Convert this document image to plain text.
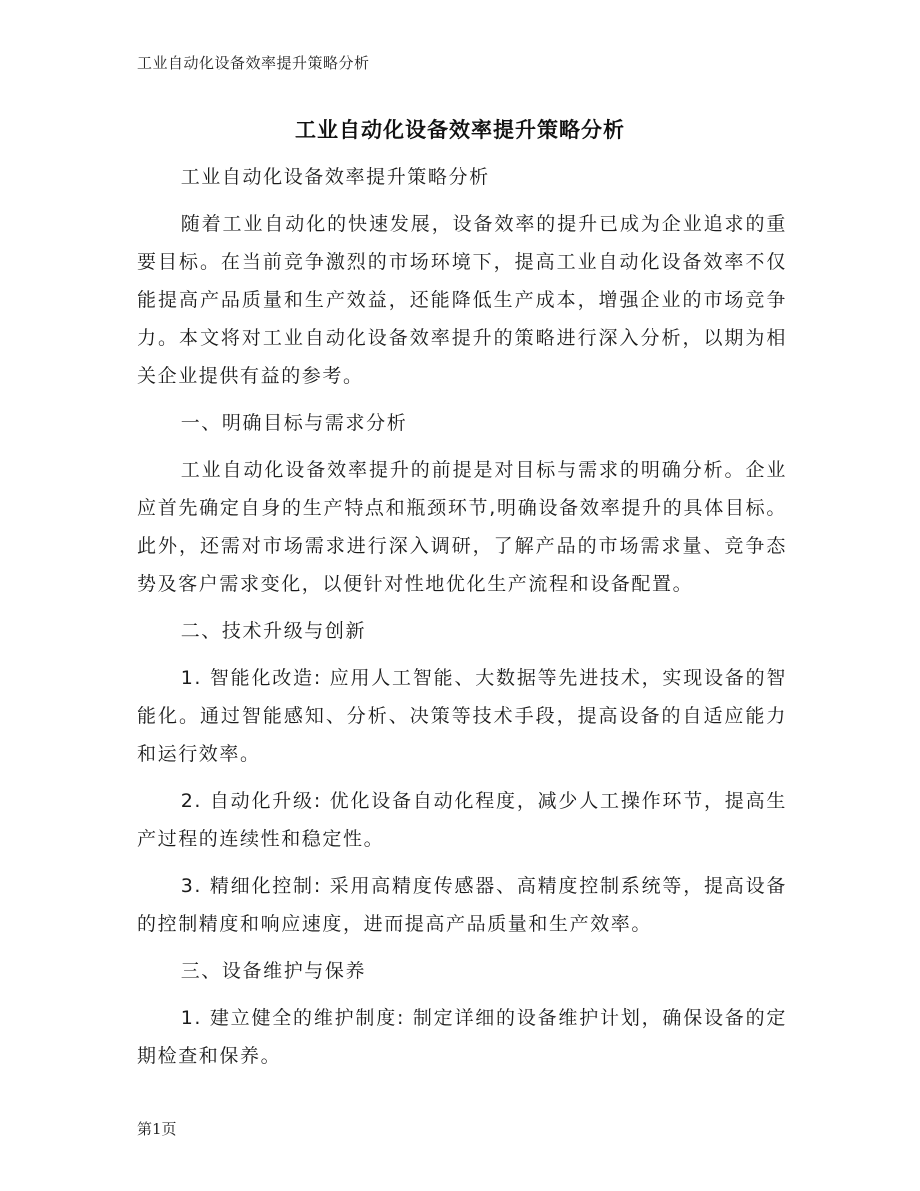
工业自动化设备效率提升策略分析
工业自动化设备效率提升策略分析

工业自动化设备效率提升策略分析

随着工业自动化的快速发展，设备效率的提升已成为企业追求的重要目标。在当前竞争激烈的市场环境下，提高工业自动化设备效率不仅能提高产品质量和生产效益，还能降低生产成本，增强企业的市场竞争力。本文将对工业自动化设备效率提升的策略进行深入分析，以期为相关企业提供有益的参考。

一、明确目标与需求分析

工业自动化设备效率提升的前提是对目标与需求的明确分析。企业应首先确定自身的生产特点和瓶颈环节,明确设备效率提升的具体目标。此外，还需对市场需求进行深入调研，了解产品的市场需求量、竞争态势及客户需求变化，以便针对性地优化生产流程和设备配置。

二、技术升级与创新

1. 智能化改造: 应用人工智能、大数据等先进技术，实现设备的智能化。通过智能感知、分析、决策等技术手段，提高设备的自适应能力和运行效率。

2. 自动化升级: 优化设备自动化程度，减少人工操作环节，提高生产过程的连续性和稳定性。

3. 精细化控制: 采用高精度传感器、高精度控制系统等，提高设备的控制精度和响应速度，进而提高产品质量和生产效率。

三、设备维护与保养

1. 建立健全的维护制度: 制定详细的设备维护计划，确保设备的定期检查和保养。

第1页
